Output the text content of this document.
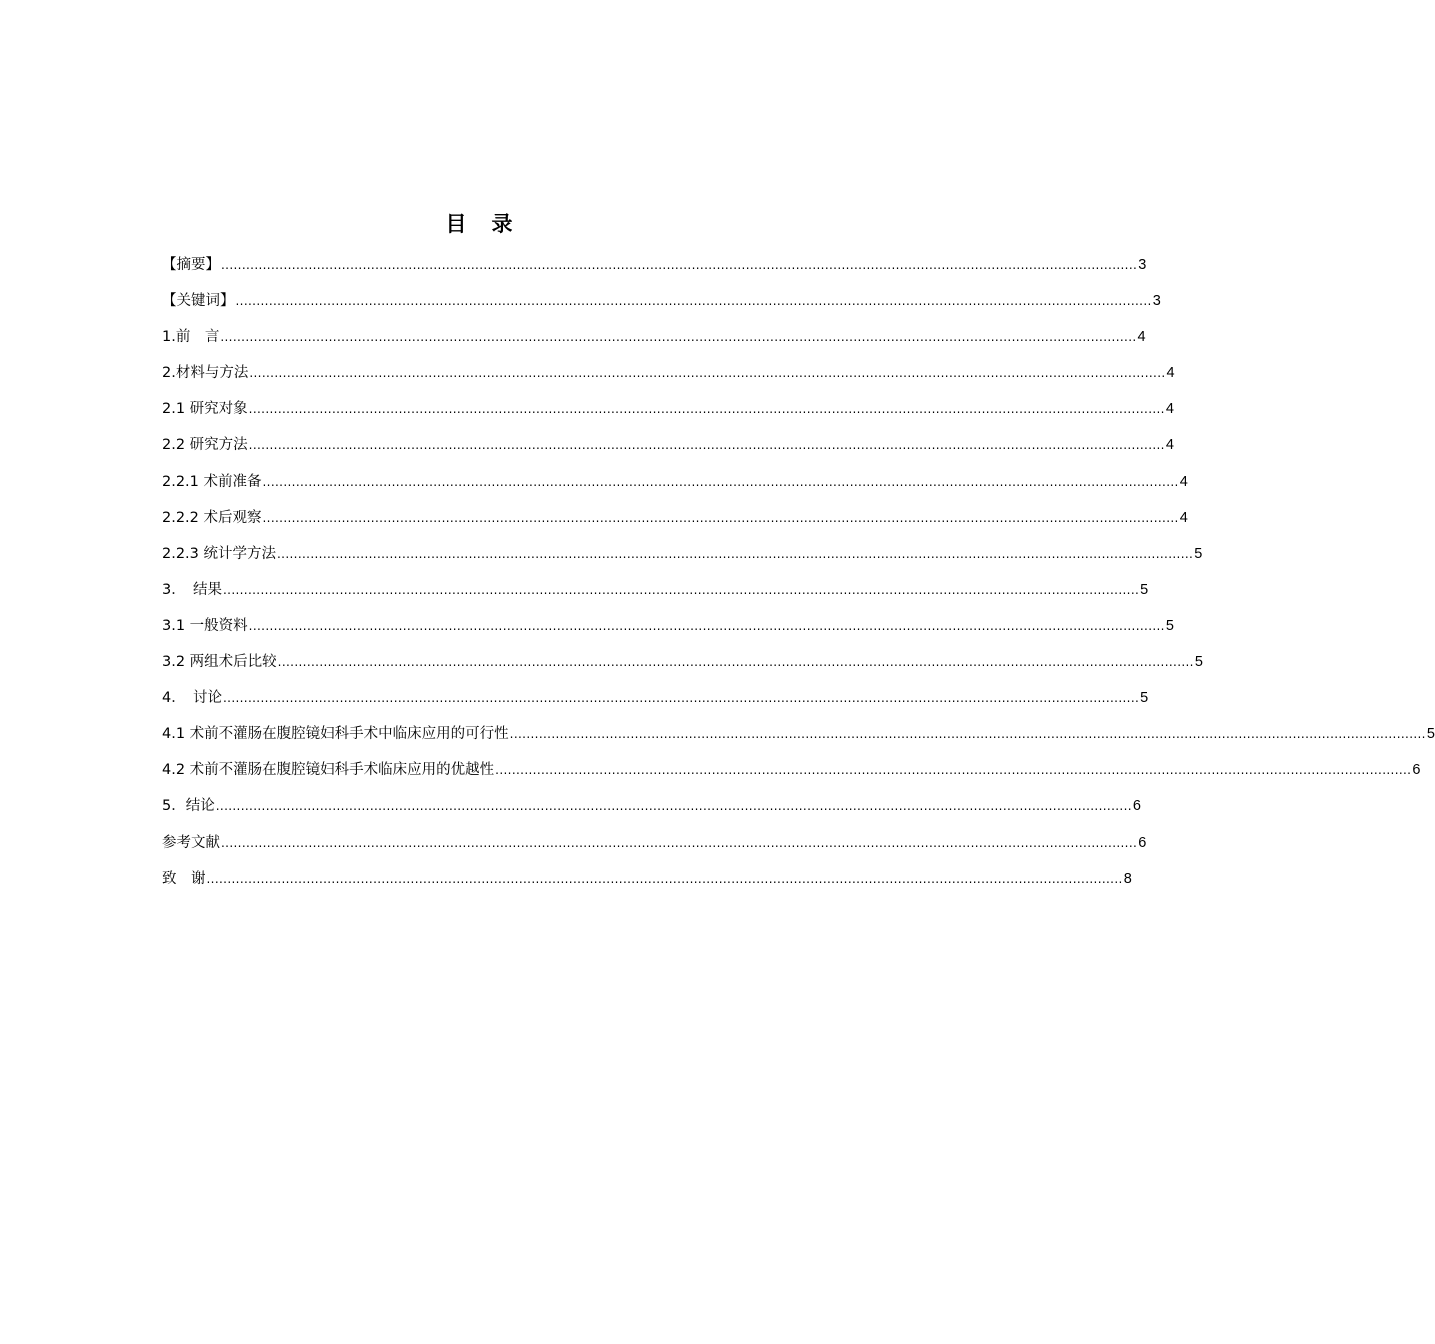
目　录
【摘要】 ............................................................................................................................................................................................................................ 3
【关键词】 ............................................................................................................................................................................................................................ 3
1.前　言 ............................................................................................................................................................................................................................ 4
2.材料与方法 ............................................................................................................................................................................................................................ 4
2.1 研究对象 ............................................................................................................................................................................................................................ 4
2.2 研究方法 ............................................................................................................................................................................................................................ 4
2.2.1 术前准备 ............................................................................................................................................................................................................................ 4
2.2.2 术后观察 ............................................................................................................................................................................................................................ 4
2.2.3 统计学方法 ............................................................................................................................................................................................................................ 5
3．　结果 ............................................................................................................................................................................................................................ 5
3.1 一般资料 ............................................................................................................................................................................................................................ 5
3.2 两组术后比较 ............................................................................................................................................................................................................................ 5
4．　讨论 ............................................................................................................................................................................................................................ 5
4.1 术前不灌肠在腹腔镜妇科手术中临床应用的可行性 ............................................................................................................................................................................................................................ 5
4.2 术前不灌肠在腹腔镜妇科手术临床应用的优越性 ............................................................................................................................................................................................................................ 6
5．结论 ............................................................................................................................................................................................................................ 6
参考文献 ............................................................................................................................................................................................................................ 6
致　谢 ............................................................................................................................................................................................................................ 8
